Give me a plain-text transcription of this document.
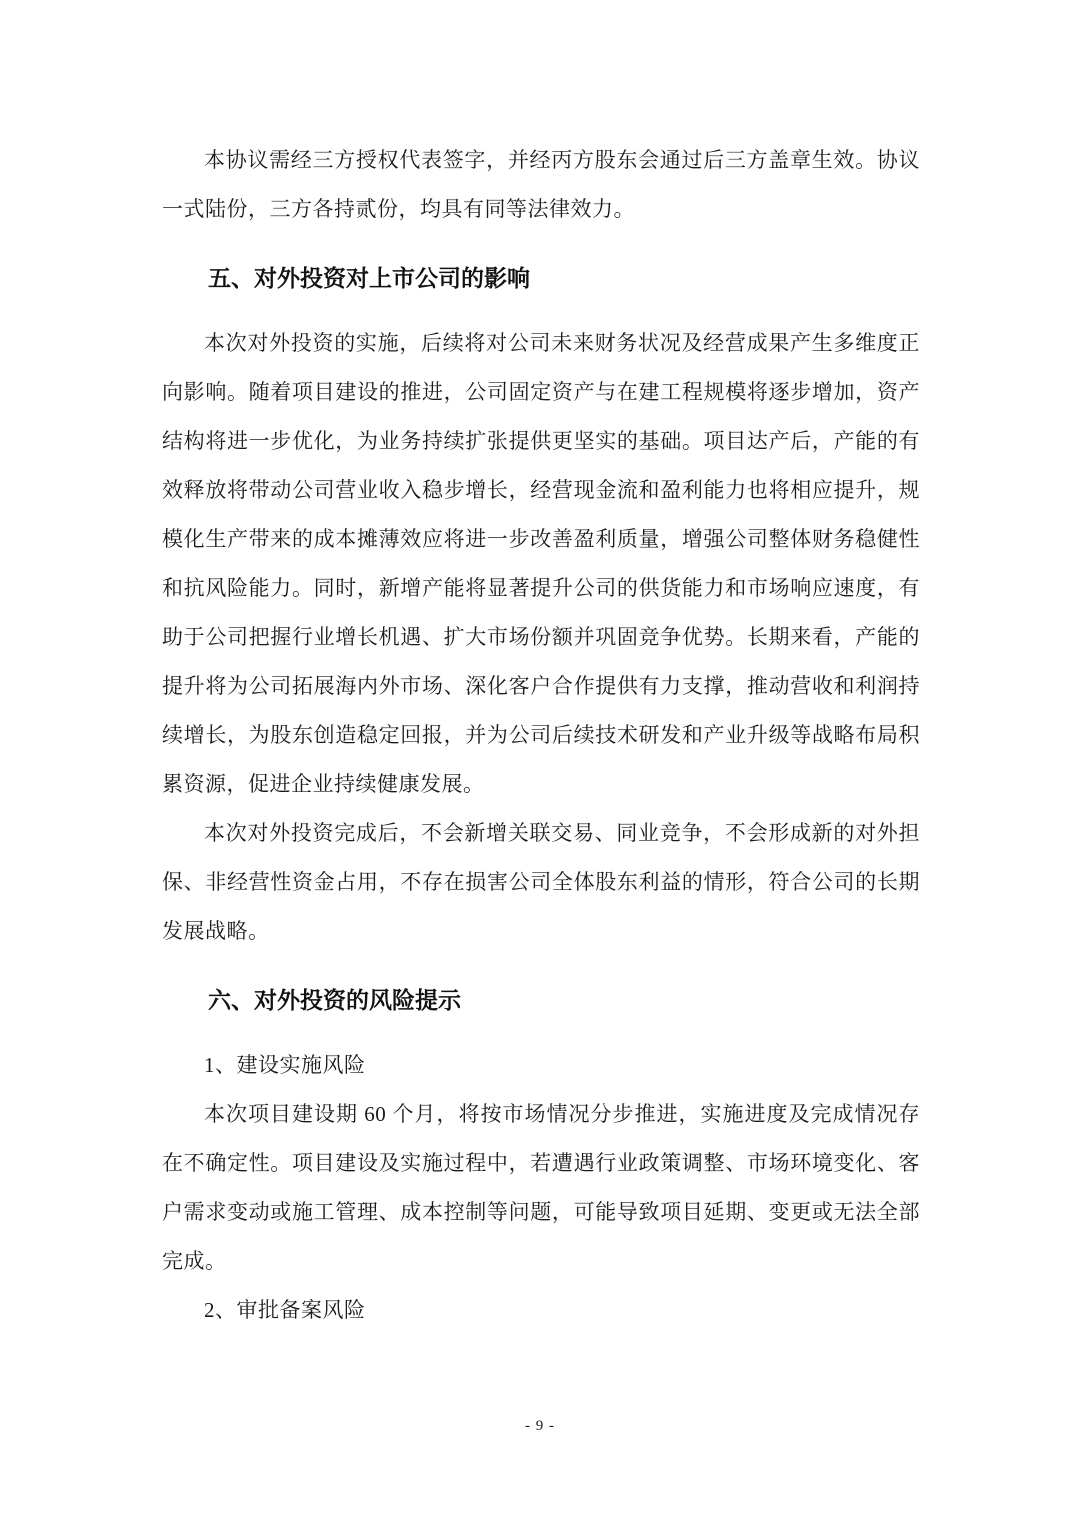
本协议需经三方授权代表签字，并经丙方股东会通过后三方盖章生效。协议一式陆份，三方各持贰份，均具有同等法律效力。

五、对外投资对上市公司的影响

本次对外投资的实施，后续将对公司未来财务状况及经营成果产生多维度正向影响。随着项目建设的推进，公司固定资产与在建工程规模将逐步增加，资产结构将进一步优化，为业务持续扩张提供更坚实的基础。项目达产后，产能的有效释放将带动公司营业收入稳步增长，经营现金流和盈利能力也将相应提升，规模化生产带来的成本摊薄效应将进一步改善盈利质量，增强公司整体财务稳健性和抗风险能力。同时，新增产能将显著提升公司的供货能力和市场响应速度，有助于公司把握行业增长机遇、扩大市场份额并巩固竞争优势。长期来看，产能的提升将为公司拓展海内外市场、深化客户合作提供有力支撑，推动营收和利润持续增长，为股东创造稳定回报，并为公司后续技术研发和产业升级等战略布局积累资源，促进企业持续健康发展。

本次对外投资完成后，不会新增关联交易、同业竞争，不会形成新的对外担保、非经营性资金占用，不存在损害公司全体股东利益的情形，符合公司的长期发展战略。

六、对外投资的风险提示

1、建设实施风险

本次项目建设期 60 个月，将按市场情况分步推进，实施进度及完成情况存在不确定性。项目建设及实施过程中，若遭遇行业政策调整、市场环境变化、客户需求变动或施工管理、成本控制等问题，可能导致项目延期、变更或无法全部完成。

2、审批备案风险

- 9 -
